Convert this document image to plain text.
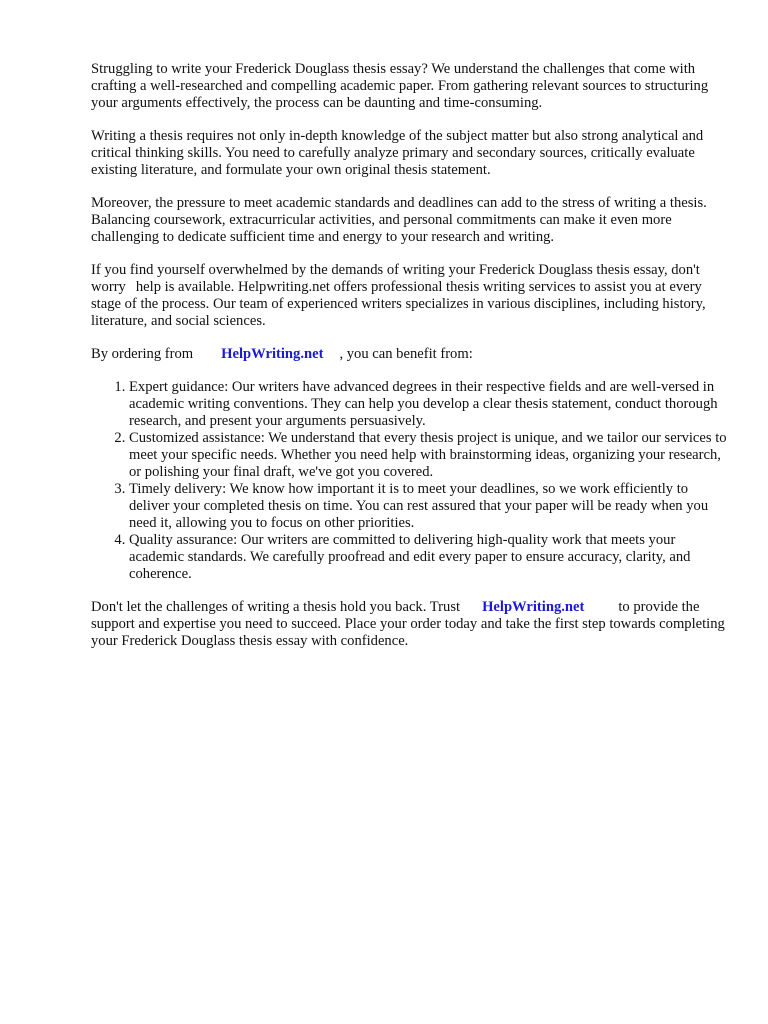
Struggling to write your Frederick Douglass thesis essay? We understand the challenges that come with crafting a well-researched and compelling academic paper. From gathering relevant sources to structuring your arguments effectively, the process can be daunting and time-consuming.

Writing a thesis requires not only in-depth knowledge of the subject matter but also strong analytical and critical thinking skills. You need to carefully analyze primary and secondary sources, critically evaluate existing literature, and formulate your own original thesis statement.

Moreover, the pressure to meet academic standards and deadlines can add to the stress of writing a thesis. Balancing coursework, extracurricular activities, and personal commitments can make it even more challenging to dedicate sufficient time and energy to your research and writing.

If you find yourself overwhelmed by the demands of writing your Frederick Douglass thesis essay, don't worry help is available. Helpwriting.net offers professional thesis writing services to assist you at every stage of the process. Our team of experienced writers specializes in various disciplines, including history, literature, and social sciences.

By ordering from HelpWriting.net , you can benefit from:

1. Expert guidance: Our writers have advanced degrees in their respective fields and are well-versed in academic writing conventions. They can help you develop a clear thesis statement, conduct thorough research, and present your arguments persuasively.
2. Customized assistance: We understand that every thesis project is unique, and we tailor our services to meet your specific needs. Whether you need help with brainstorming ideas, organizing your research, or polishing your final draft, we've got you covered.
3. Timely delivery: We know how important it is to meet your deadlines, so we work efficiently to deliver your completed thesis on time. You can rest assured that your paper will be ready when you need it, allowing you to focus on other priorities.
4. Quality assurance: Our writers are committed to delivering high-quality work that meets your academic standards. We carefully proofread and edit every paper to ensure accuracy, clarity, and coherence.

Don't let the challenges of writing a thesis hold you back. Trust HelpWriting.net to provide the support and expertise you need to succeed. Place your order today and take the first step towards completing your Frederick Douglass thesis essay with confidence.
